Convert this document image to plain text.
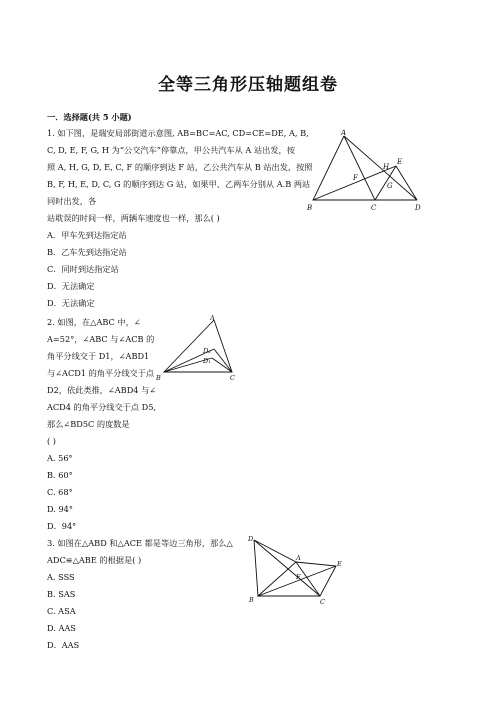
全等三角形压轴题组卷
一．选择题(共 5 小题)
1. 如下图，是瑞安局部街道示意图, AB=BC=AC, CD=CE=DE, A, B,
C, D, E, F, G, H 为“公交汽车”停靠点，甲公共汽车从 A 站出发，按
照 A, H, G, D, E, C, F 的顺序到达 F 站，乙公共汽车从 B 站出发，按照
B, F, H, E, D, C, G 的顺序到达 G 站，如果甲、乙两车分别从 A.B 两站
同时出发，各
站耽误的时间一样，两辆车速度也一样，那么( )
A．甲车先到达指定站
B．乙车先到达指定站
C．同时到达指定站
D．无法确定
D．无法确定
A
B	C	D
E
F
G
H
2. 如图，在△ABC 中，∠
A=52°，∠ABC 与∠ACB 的
角平分线交于 D1，∠ABD1
与∠ACD1 的角平分线交于点
D2，依此类推，∠ABD4 与∠
ACD4 的角平分线交于点 D5,
那么∠BD5C 的度数是
( )
A. 56°
B. 60°
C. 68°
D. 94°
D．94°
A
B	C
D₁
D₂
3. 如图在△ABD 和△ACE 都是等边三角形，那么△
ADC≌△ABE 的根据是( )
A. SSS
B. SAS
C. ASA
D. AAS
D．AAS
D
A
E
F
B	C
